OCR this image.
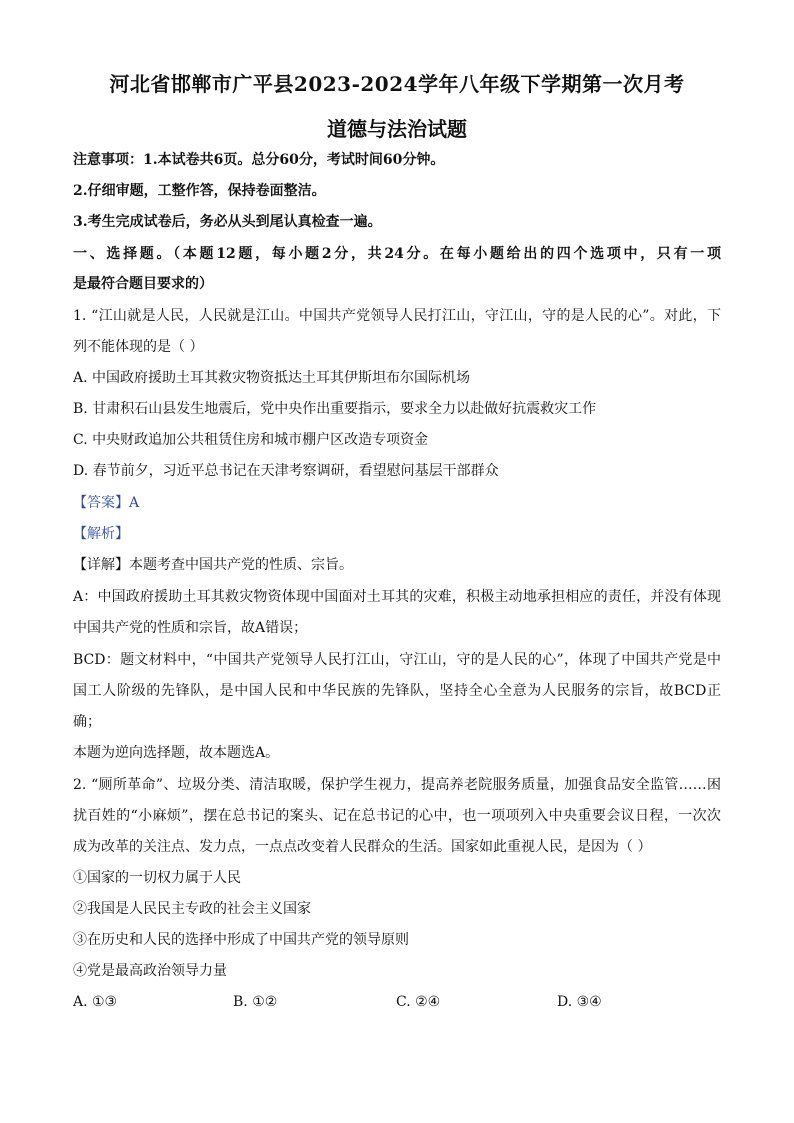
河北省邯郸市广平县2023-2024学年八年级下学期第一次月考
道德与法治试题
注意事项：1.本试卷共6页。总分60分，考试时间60分钟。
2.仔细审题，工整作答，保持卷面整洁。
3.考生完成试卷后，务必从头到尾认真检查一遍。
一、选择题。（本题12题，每小题2分，共24分。在每小题给出的四个选项中，只有一项
是最符合题目要求的）
1. “江山就是人民，人民就是江山。中国共产党领导人民打江山，守江山，守的是人民的心”。对此，下
列不能体现的是（ ）
A. 中国政府援助土耳其救灾物资抵达土耳其伊斯坦布尔国际机场
B. 甘肃积石山县发生地震后，党中央作出重要指示，要求全力以赴做好抗震救灾工作
C. 中央财政追加公共租赁住房和城市棚户区改造专项资金
D. 春节前夕，习近平总书记在天津考察调研，看望慰问基层干部群众
【答案】A
【解析】
【详解】本题考查中国共产党的性质、宗旨。
A：中国政府援助土耳其救灾物资体现中国面对土耳其的灾难，积极主动地承担相应的责任，并没有体现
中国共产党的性质和宗旨，故A错误；
BCD：题文材料中，“中国共产党领导人民打江山，守江山，守的是人民的心”，体现了中国共产党是中
国工人阶级的先锋队，是中国人民和中华民族的先锋队，坚持全心全意为人民服务的宗旨，故BCD正
确；
本题为逆向选择题，故本题选A。
2. “厕所革命”、垃圾分类、清洁取暖，保护学生视力，提高养老院服务质量，加强食品安全监管……困
扰百姓的“小麻烦”，摆在总书记的案头、记在总书记的心中，也一项项列入中央重要会议日程，一次次
成为改革的关注点、发力点，一点点改变着人民群众的生活。国家如此重视人民，是因为（ ）
①国家的一切权力属于人民
②我国是人民民主专政的社会主义国家
③在历史和人民的选择中形成了中国共产党的领导原则
④党是最高政治领导力量
A. ①③	B. ①②	C. ②④	D. ③④
